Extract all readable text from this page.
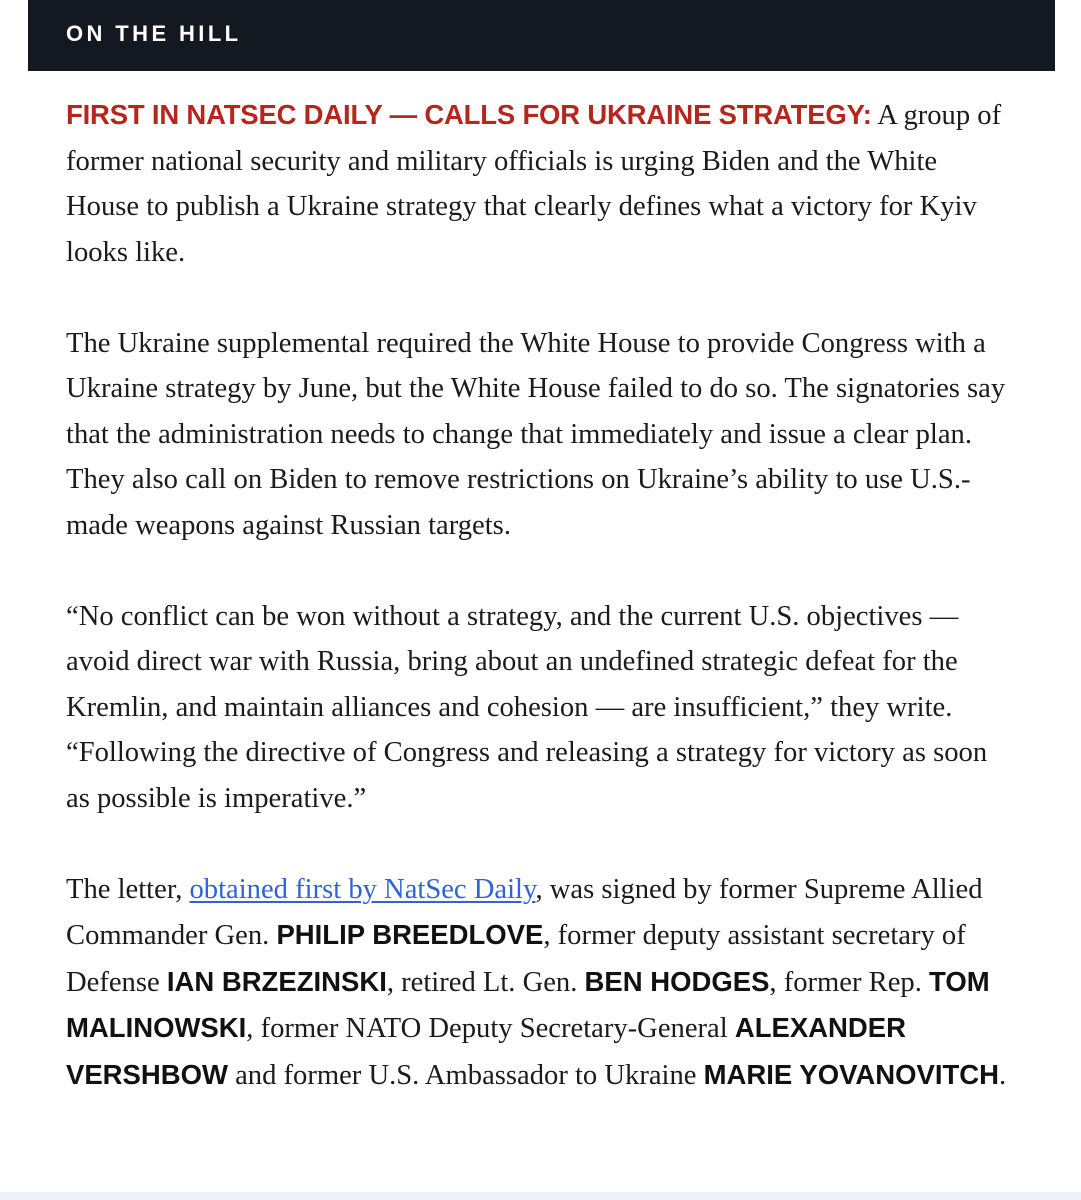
ON THE HILL

FIRST IN NATSEC DAILY — CALLS FOR UKRAINE STRATEGY: A group of former national security and military officials is urging Biden and the White House to publish a Ukraine strategy that clearly defines what a victory for Kyiv looks like.

The Ukraine supplemental required the White House to provide Congress with a Ukraine strategy by June, but the White House failed to do so. The signatories say that the administration needs to change that immediately and issue a clear plan. They also call on Biden to remove restrictions on Ukraine’s ability to use U.S.-made weapons against Russian targets.

“No conflict can be won without a strategy, and the current U.S. objectives — avoid direct war with Russia, bring about an undefined strategic defeat for the Kremlin, and maintain alliances and cohesion — are insufficient,” they write. “Following the directive of Congress and releasing a strategy for victory as soon as possible is imperative.”

The letter, obtained first by NatSec Daily, was signed by former Supreme Allied Commander Gen. PHILIP BREEDLOVE, former deputy assistant secretary of Defense IAN BRZEZINSKI, retired Lt. Gen. BEN HODGES, former Rep. TOM MALINOWSKI, former NATO Deputy Secretary-General ALEXANDER VERSHBOW and former U.S. Ambassador to Ukraine MARIE YOVANOVITCH.
